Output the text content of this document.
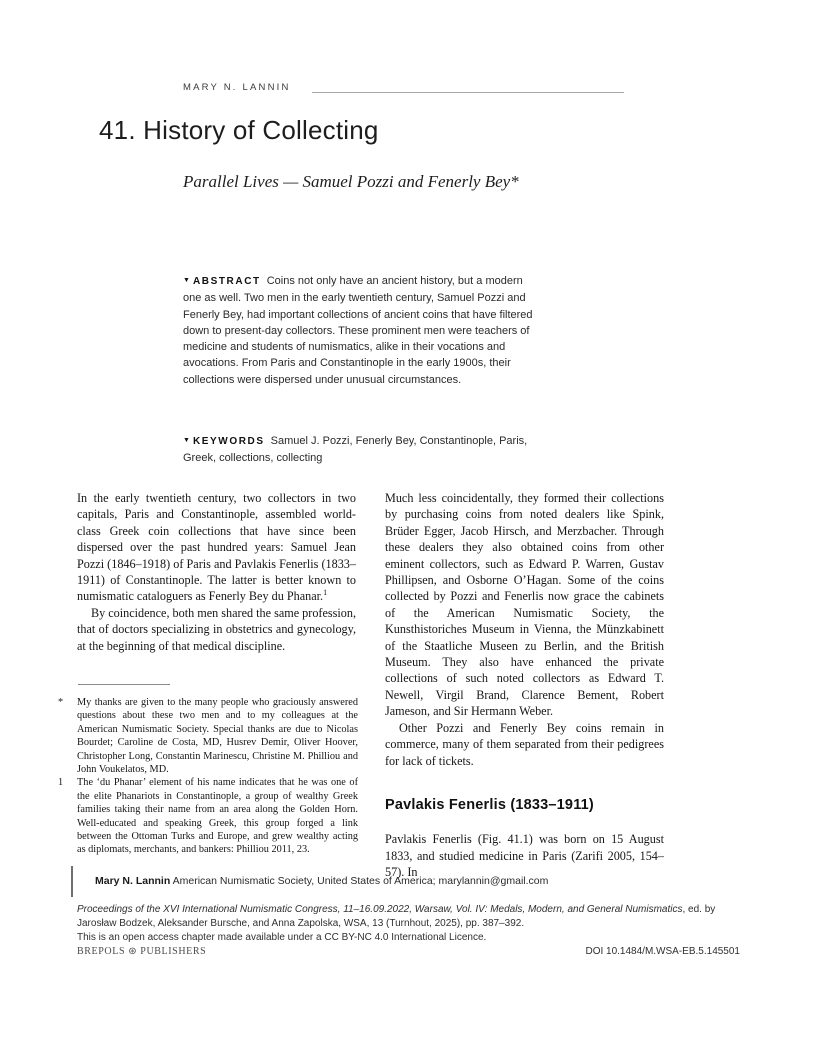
MARY N. LANNIN
41. History of Collecting
Parallel Lives — Samuel Pozzi and Fenerly Bey*
▼ ABSTRACT Coins not only have an ancient history, but a modern one as well. Two men in the early twentieth century, Samuel Pozzi and Fenerly Bey, had important collections of ancient coins that have filtered down to present-day collectors. These prominent men were teachers of medicine and students of numismatics, alike in their vocations and avocations. From Paris and Constantinople in the early 1900s, their collections were dispersed under unusual circumstances.
▼ KEYWORDS Samuel J. Pozzi, Fenerly Bey, Constantinople, Paris, Greek, collections, collecting

In the early twentieth century, two collectors in two capitals, Paris and Constantinople, assembled world-class Greek coin collections that have since been dispersed over the past hundred years: Samuel Jean Pozzi (1846–1918) of Paris and Pavlakis Fenerlis (1833–1911) of Constantinople. The latter is better known to numismatic cataloguers as Fenerly Bey du Phanar.$^1$

By coincidence, both men shared the same profession, that of doctors specializing in obstetrics and gynecology, at the beginning of that medical discipline.

Much less coincidentally, they formed their collections by purchasing coins from noted dealers like Spink, Brüder Egger, Jacob Hirsch, and Merzbacher. Through these dealers they also obtained coins from other eminent collectors, such as Edward P. Warren, Gustav Phillipsen, and Osborne O’Hagan. Some of the coins collected by Pozzi and Fenerlis now grace the cabinets of the American Numismatic Society, the Kunsthistoriches Museum in Vienna, the Münzkabinett of the Staatliche Museen zu Berlin, and the British Museum. They also have enhanced the private collections of such noted collectors as Edward T. Newell, Virgil Brand, Clarence Bement, Robert Jameson, and Sir Hermann Weber.

Other Pozzi and Fenerly Bey coins remain in commerce, many of them separated from their pedigrees for lack of tickets.

Pavlakis Fenerlis (1833–1911)

Pavlakis Fenerlis (Fig. 41.1) was born on 15 August 1833, and studied medicine in Paris (Zarifi 2005, 154–57). In

*	My thanks are given to the many people who graciously answered questions about these two men and to my colleagues at the American Numismatic Society. Special thanks are due to Nicolas Bourdet; Caroline de Costa, MD, Husrev Demir, Oliver Hoover, Christopher Long, Constantin Marinescu, Christine M. Philliou and John Voukelatos, MD.
1	The ‘du Phanar’ element of his name indicates that he was one of the elite Phanariots in Constantinople, a group of wealthy Greek families taking their name from an area along the Golden Horn. Well-educated and speaking Greek, this group forged a link between the Ottoman Turks and Europe, and grew wealthy acting as diplomats, merchants, and bankers: Philliou 2011, 23.
Mary N. Lannin American Numismatic Society, United States of America; marylannin@gmail.com
Proceedings of the XVI International Numismatic Congress, 11–16.09.2022, Warsaw, Vol. IV: Medals, Modern, and General Numismatics, ed. by
Jarosław Bodzek, Aleksander Bursche, and Anna Zapolska, WSA, 13 (Turnhout, 2025), pp. 387–392.
This is an open access chapter made available under a CC BY-NC 4.0 International Licence.
BREPOLS ⊛ PUBLISHERS	DOI 10.1484/M.WSA-EB.5.145501
